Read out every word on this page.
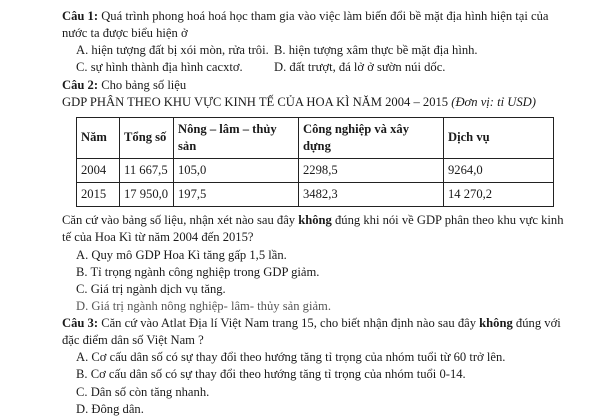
Câu 1: Quá trình phong hoá hoá học tham gia vào việc làm biến đổi bề mặt địa hình hiện tại của nước ta được biểu hiện ở

A. hiện tượng đất bị xói mòn, rửa trôi. B. hiện tượng xâm thực bề mặt địa hình.
C. sự hình thành địa hình cacxtơ.	D. đất trượt, đá lở ở sườn núi dốc.

Câu 2: Cho bảng số liệu

GDP PHÂN THEO KHU VỰC KINH TẾ CỦA HOA KÌ NĂM 2004 – 2015 (Đơn vị: tỉ USD)

Năm	Tổng số	Nông – lâm – thủy sản	Công nghiệp và xây dựng	Dịch vụ
2004	11 667,5	105,0	2298,5	9264,0
2015	17 950,0	197,5	3482,3	14 270,2

Căn cứ vào bảng số liệu, nhận xét nào sau đây không đúng khi nói về GDP phân theo khu vực kinh tế của Hoa Kì từ năm 2004 đến 2015?

A. Quy mô GDP Hoa Kì tăng gấp 1,5 lần.

B. Tỉ trọng ngành công nghiệp trong GDP giảm.

C. Giá trị ngành dịch vụ tăng.

D. Giá trị ngành nông nghiệp- lâm- thủy sản giảm.

Câu 3: Căn cứ vào Atlat Địa lí Việt Nam trang 15, cho biết nhận định nào sau đây không đúng với đặc điểm dân số Việt Nam ?

A. Cơ cấu dân số có sự thay đổi theo hướng tăng tỉ trọng của nhóm tuổi từ 60 trở lên.

B. Cơ cấu dân số có sự thay đổi theo hướng tăng tỉ trọng của nhóm tuổi 0-14.

C. Dân số còn tăng nhanh.

D. Đông dân.
